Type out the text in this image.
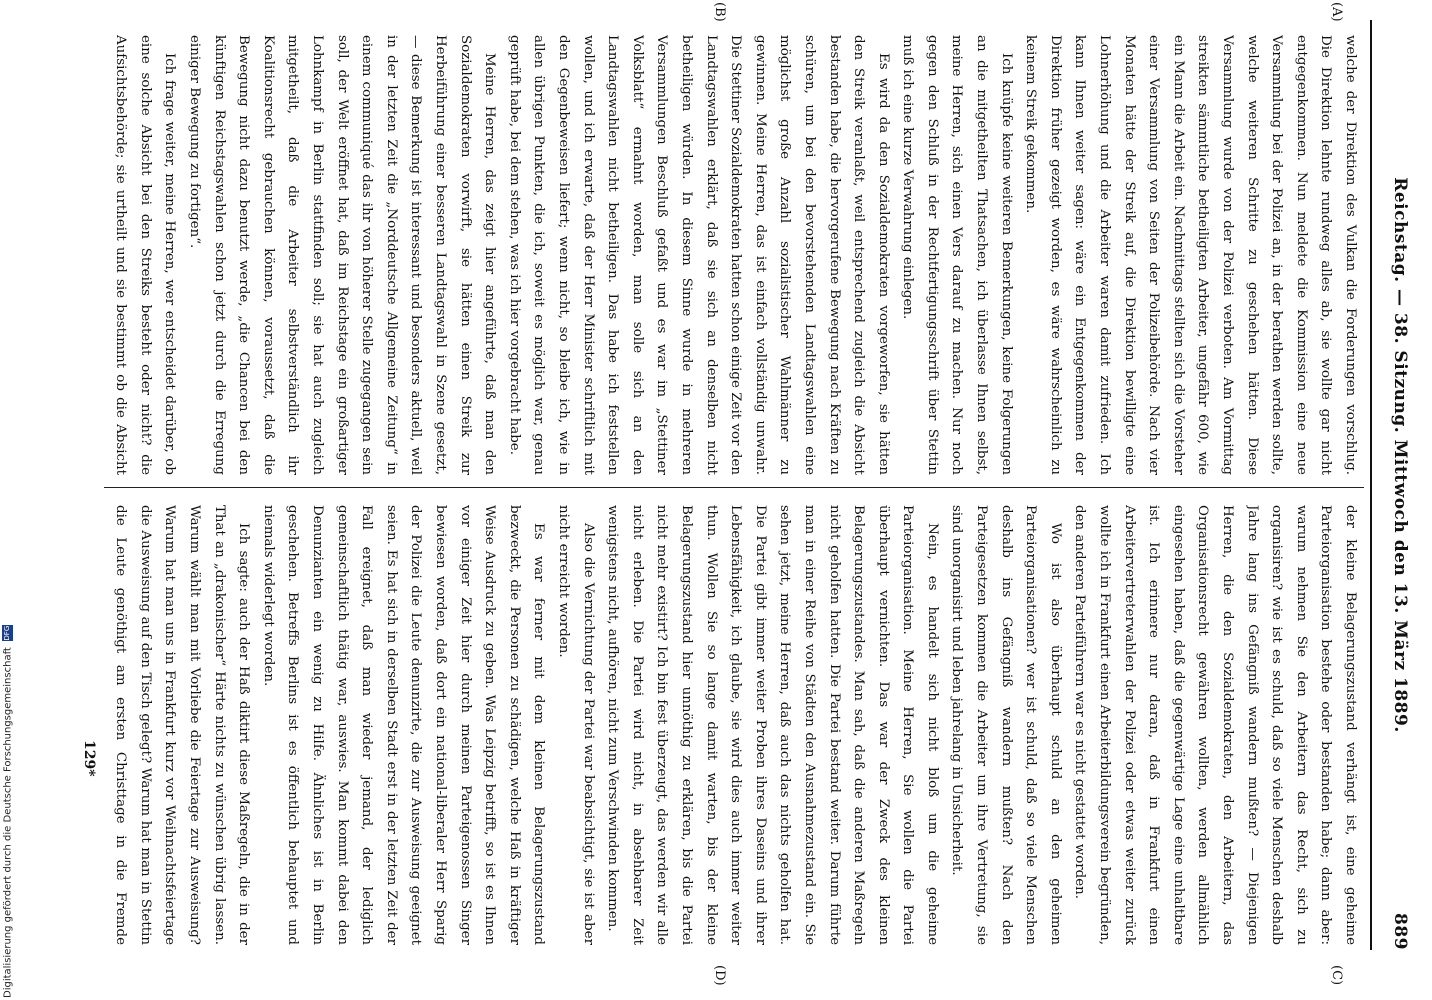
Reichstag. — 38. Sitzung. Mittwoch den 13. März 1889.
889
(A)
(B)
(C)
(D)

welche der Direktion des Vulkan die Forderungen vorschlug. Die Direktion lehnte rundweg alles ab, sie wollte gar nicht entgegenkommen. Nun meldete die Kommission eine neue Versammlung bei der Polizei an, in der berathen werden sollte, welche weiteren Schritte zu geschehen hätten. Diese Versammlung wurde von der Polizei verboten. Am Vormittag streikten sämmtliche betheiligten Arbeiter, ungefähr 600, wie ein Mann die Arbeit ein. Nachmittags stellten sich die Vorsteher einer Versammlung von Seiten der Polizeibehörde. Nach vier Monaten hätte der Streik auf, die Direktion bewilligte eine Lohnerhöhung und die Arbeiter waren damit zufrieden. Ich kann Ihnen weiter sagen: wäre ein Entgegenkommen der Direktion früher gezeigt worden, es wäre wahrscheinlich zu keinem Streik gekommen.

Ich knüpfe keine weiteren Bemerkungen, keine Folgerungen an die mitgetheilten Thatsachen, ich überlasse Ihnen selbst, meine Herren, sich einen Vers darauf zu machen. Nur noch gegen den Schluß in der Rechtfertigungsschrift über Stettin muß ich eine kurze Verwahrung einlegen.

Es wird da den Sozialdemokraten vorgeworfen, sie hätten den Streik veranlaßt, weil entsprechend zugleich die Absicht bestanden habe, die hervorgerufene Bewegung nach Kräften zu schüren, um bei den bevorstehenden Landtagswahlen eine möglichst große Anzahl sozialistischer Wahlmänner zu gewinnen. Meine Herren, das ist einfach vollständig unwahr. Die Stettiner Sozialdemokraten hatten schon einige Zeit vor den Landtagswahlen erklärt, daß sie sich an denselben nicht betheiligen würden. In diesem Sinne wurde in mehreren Versammlungen Beschluß gefaßt und es war im „Stettiner Volksblatt“ ermahnt worden, man solle sich an den Landtagswahlen nicht betheiligen. Das habe ich feststellen wollen, und ich erwarte, daß der Herr Minister schriftlich mit den Gegenbeweisen liefert; wenn nicht, so bleibe ich, wie in allen übrigen Punkten, die ich, soweit es möglich war, genau geprüft habe, bei dem stehen, was ich hier vorgebracht habe.

Meine Herren, das zeigt hier angeführte, daß man den Sozialdemokraten vorwirft, sie hätten einen Streik zur Herbeiführung einer besseren Landtagswahl in Szene gesetzt, — diese Bemerkung ist interessant und besonders aktuell, weil in der letzten Zeit die „Norddeutsche Allgemeine Zeitung“ in einem communiqué das ihr von höherer Stelle zugegangen sein soll, der Welt eröffnet hat, daß im Reichstage ein großartiger Lohnkampf in Berlin stattfinden soll; sie hat auch zugleich mitgetheilt, daß die Arbeiter selbstverständlich ihr Koalitionsrecht gebrauchen können, voraussetzt, daß die Bewegung nicht dazu benutzt werde, „die Chancen bei den künftigen Reichstagswahlen schon jetzt durch die Erregung einiger Bewegung zu fortigen“.

Ich frage weiter, meine Herren, wer entscheidet darüber, ob eine solche Absicht bei den Streiks besteht oder nicht? die Aufsichtsbehörde; sie urtheilt und sie bestimmt ob die Absicht

der kleine Belagerungszustand verhängt ist, eine geheime Parteiorganisation bestehe oder bestanden habe; dann aber: warum nehmen Sie den Arbeitern das Recht, sich zu organisiren? wie ist es schuld, daß so viele Menschen deshalb Jahre lang ins Gefängniß wandern mußten? — Diejenigen Herren, die den Sozialdemokraten, den Arbeitern, das Organisationsrecht gewähren wollten, werden allmählich eingesehen haben, daß die gegenwärtige Lage eine unhaltbare ist. Ich erinnere nur daran, daß in Frankfurt einen Arbeitervertreterwahlen der Polizei oder etwas weiter zurück wollte ich in Frankfurt einen Arbeiterbildungsverein begründen, den anderen Parteiführern war es nicht gestattet worden.

Wo ist also überhaupt schuld an den geheimen Parteiorganisationen? wer ist schuld, daß so viele Menschen deshalb ins Gefängniß wandern mußten? Nach den Parteigesetzen kommen die Arbeiter um ihre Vertretung, sie sind unorganisirt und leben jahrelang in Unsicherheit.

Nein, es handelt sich nicht bloß um die geheime Parteiorganisation. Meine Herren, Sie wollen die Partei überhaupt vernichten. Das war der Zweck des kleinen Belagerungszustandes. Man sah, daß die anderen Maßregeln nicht geholfen hatten. Die Partei bestand weiter. Darum führte man in einer Reihe von Städten den Ausnahmezustand ein. Sie sehen jetzt, meine Herren, daß auch das nichts geholfen hat. Die Partei gibt immer weiter Proben ihres Daseins und ihrer Lebensfähigkeit, ich glaube, sie wird dies auch immer weiter thun. Wollen Sie so lange damit warten, bis der kleine Belagerungszustand hier unnöthig zu erklären, bis die Partei nicht mehr existirt? Ich bin fest überzeugt, das werden wir alle nicht erleben. Die Partei wird nicht, in absehbarer Zeit wenigstens nicht, aufhören, nicht zum Verschwinden kommen.

Also die Vernichtung der Partei war beabsichtigt, sie ist aber nicht erreicht worden.

Es war ferner mit dem kleinen Belagerungszustand bezweckt, die Personen zu schädigen, welche Haß in kräftiger Weise Ausdruck zu geben. Was Leipzig betrifft, so ist es Ihnen vor einiger Zeit hier durch meinen Parteigenossen Singer bewiesen worden, daß dort ein national-liberaler Herr Sparig der Polizei die Leute denunzirte, die zur Ausweisung geeignet seien. Es hat sich in derselben Stadt erst in der letzten Zeit der Fall ereignet, daß man wieder jemand, der lediglich gemeinschaftlich thätig war, auswies. Man kommt dabei den Denunzianten ein wenig zu Hilfe. Ähnliches ist in Berlin geschehen. Betreffs Berlins ist es öffentlich behauptet und niemals widerlegt worden.

Ich sagte: auch der Haß diktirt diese Maßregeln, die in der That an „drakonischer“ Härte nichts zu wünschen übrig lassen. Warum wählt man mit Vorliebe die Feiertage zur Ausweisung? Warum hat man uns in Frankfurt kurz vor Weihnachtsfeiertage die Ausweisung auf den Tisch gelegt? Warum hat man in Stettin die Leute genöthigt am ersten Christtage in die Fremde

129*
Digitalisierung gefördert durch die Deutsche ForschungsgemeinschaftDFG
